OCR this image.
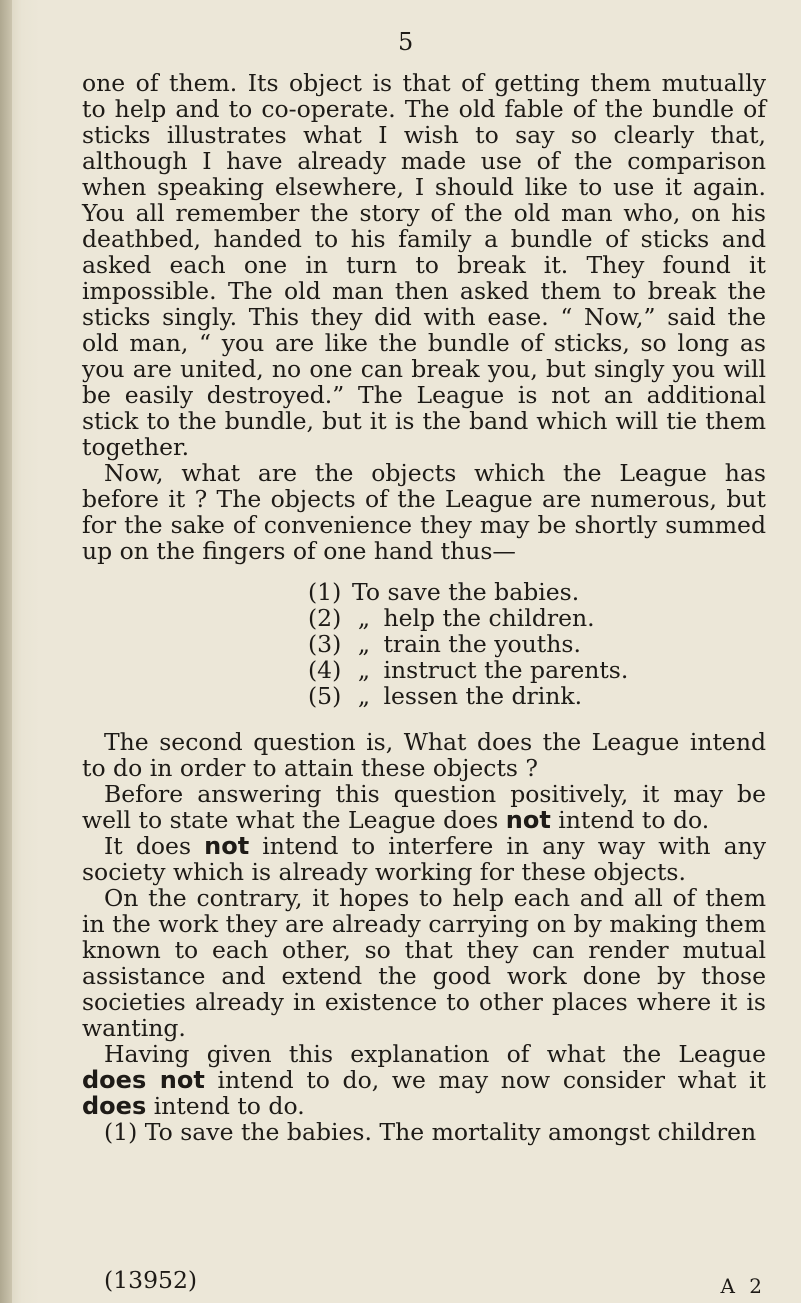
5

one of them. Its object is that of getting them mutually to help and to co-operate. The old fable of the bundle of sticks illustrates what I wish to say so clearly that, although I have already made use of the comparison when speaking elsewhere, I should like to use it again. You all remember the story of the old man who, on his deathbed, handed to his family a bundle of sticks and asked each one in turn to break it. They found it impossible. The old man then asked them to break the sticks singly. This they did with ease. “ Now,” said the old man, “ you are like the bundle of sticks, so long as you are united, no one can break you, but singly you will be easily destroyed.” The League is not an additional stick to the bundle, but it is the band which will tie them together.

Now, what are the objects which the League has before it ? The objects of the League are numerous, but for the sake of convenience they may be shortly summed up on the fingers of one hand thus—

(1) To save the babies.
(2) „ help the children.
(3) „ train the youths.
(4) „ instruct the parents.
(5) „ lessen the drink.

The second question is, What does the League intend to do in order to attain these objects ?

Before answering this question positively, it may be well to state what the League does not intend to do.

It does not intend to interfere in any way with any society which is already working for these objects.

On the contrary, it hopes to help each and all of them in the work they are already carrying on by making them known to each other, so that they can render mutual assistance and extend the good work done by those societies already in existence to other places where it is wanting.

Having given this explanation of what the League does not intend to do, we may now consider what it does intend to do.

(1) To save the babies. The mortality amongst children

(13952)	A 2
